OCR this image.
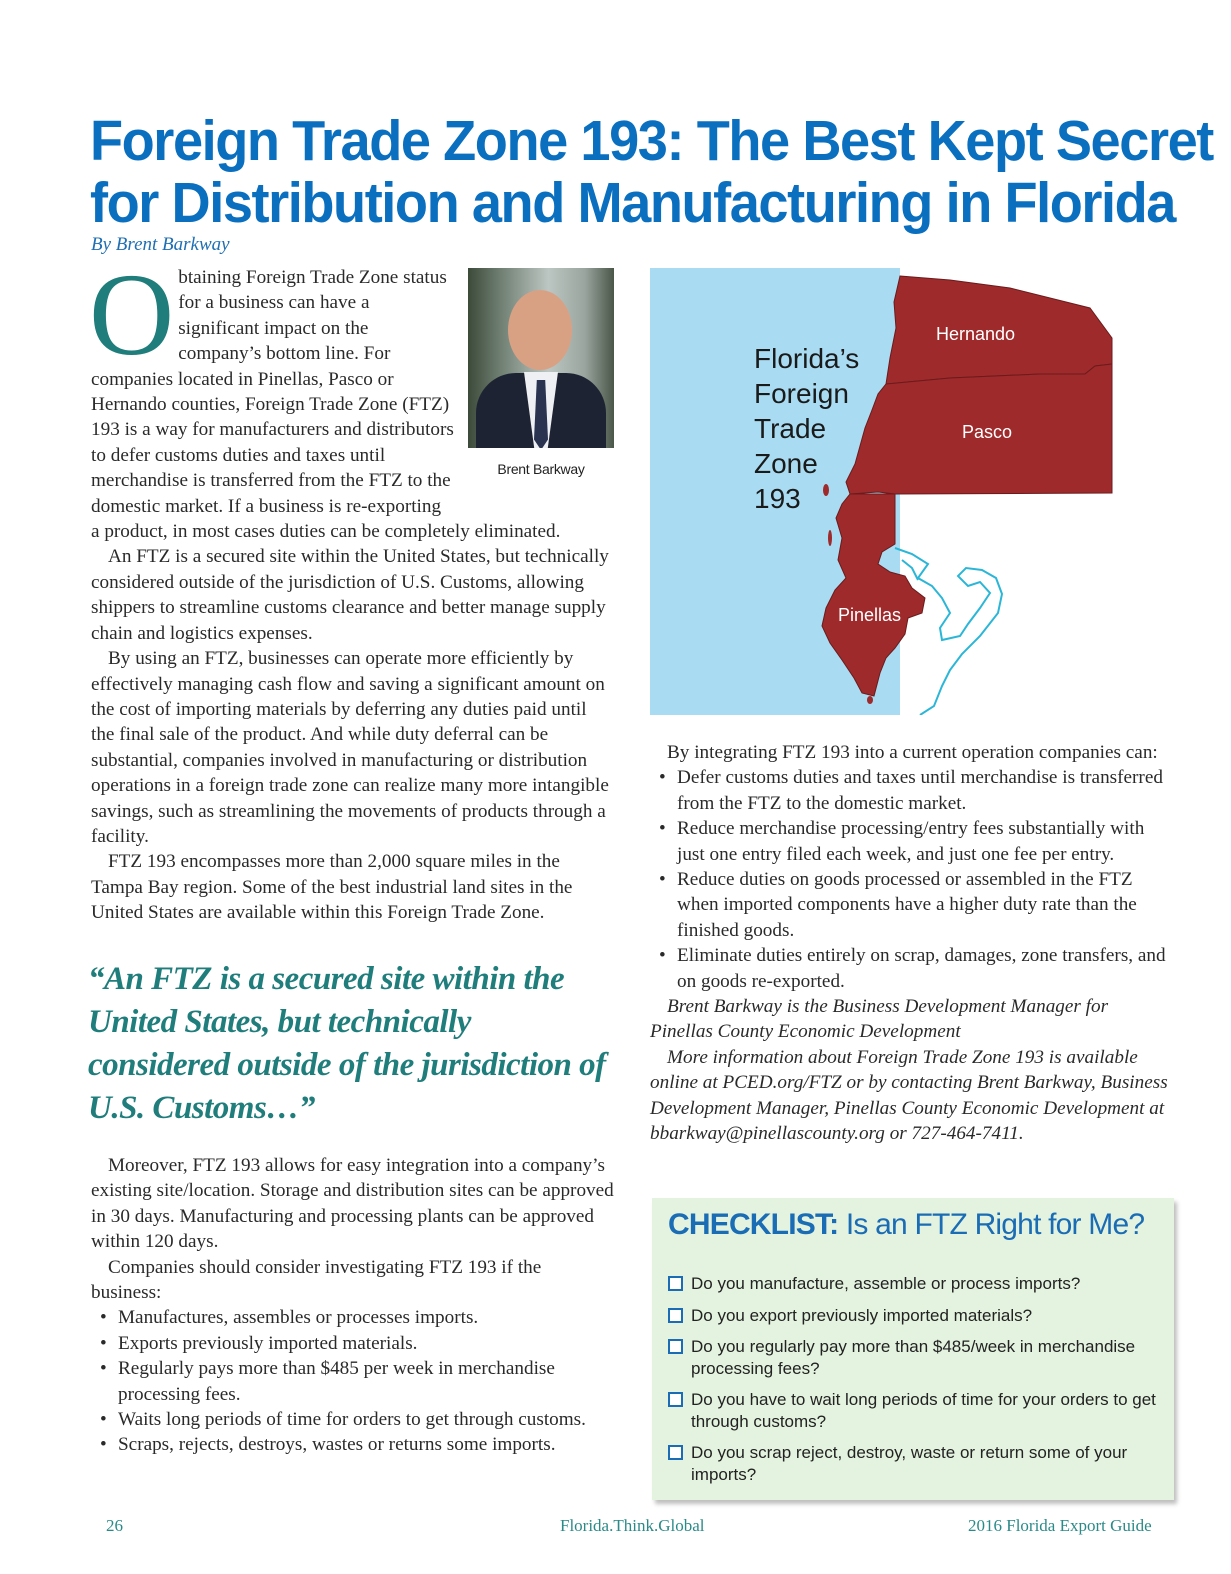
Foreign Trade Zone 193: The Best Kept Secret
for Distribution and Manufacturing in Florida
By Brent Barkway
Brent Barkway
O btaining Foreign Trade Zone status for a business can have a significant impact on the company’s bottom line. For companies located in Pinellas, Pasco or Hernando counties, Foreign Trade Zone (FTZ) 193 is a way for manufacturers and distributors to defer customs duties and taxes until merchandise is transferred from the FTZ to the domestic market. If a business is re-exporting a product, in most cases duties can be completely eliminated.

An FTZ is a secured site within the United States, but technically considered outside of the jurisdiction of U.S. Customs, allowing shippers to streamline customs clearance and better manage supply chain and logistics expenses.

By using an FTZ, businesses can operate more efficiently by effectively managing cash flow and saving a significant amount on the cost of importing materials by deferring any duties paid until the final sale of the product. And while duty deferral can be substantial, companies involved in manufacturing or distribution operations in a foreign trade zone can realize many more intangible savings, such as streamlining the movements of products through a facility.

FTZ 193 encompasses more than 2,000 square miles in the Tampa Bay region. Some of the best industrial land sites in the United States are available within this Foreign Trade Zone.

“An FTZ is a secured site within the United States, but technically considered outside of the jurisdiction of U.S. Customs…”

Moreover, FTZ 193 allows for easy integration into a company’s existing site/location. Storage and distribution sites can be approved in 30 days. Manufacturing and processing plants can be approved within 120 days.

Companies should consider investigating FTZ 193 if the business:

• Manufactures, assembles or processes imports.
• Exports previously imported materials.
• Regularly pays more than $485 per week in merchandise processing fees.
• Waits long periods of time for orders to get through customs.
• Scraps, rejects, destroys, wastes or returns some imports.
Florida’s
Foreign
Trade
Zone
193
Hernando
Pasco
Pinellas

By integrating FTZ 193 into a current operation companies can:

• Defer customs duties and taxes until merchandise is transferred from the FTZ to the domestic market.
• Reduce merchandise processing/entry fees substantially with just one entry filed each week, and just one fee per entry.
• Reduce duties on goods processed or assembled in the FTZ when imported components have a higher duty rate than the finished goods.
• Eliminate duties entirely on scrap, damages, zone transfers, and on goods re-exported.

Brent Barkway is the Business Development Manager for Pinellas County Economic Development

More information about Foreign Trade Zone 193 is available online at PCED.org/FTZ or by contacting Brent Barkway, Business Development Manager, Pinellas County Economic Development at bbarkway@pinellascounty.org or 727-464-7411.

CHECKLIST: Is an FTZ Right for Me?
Do you manufacture, assemble or process imports?
Do you export previously imported materials?
Do you regularly pay more than $485/week in merchandise processing fees?
Do you have to wait long periods of time for your orders to get through customs?
Do you scrap reject, destroy, waste or return some of your imports?
26	Florida.Think.Global	2016 Florida Export Guide
